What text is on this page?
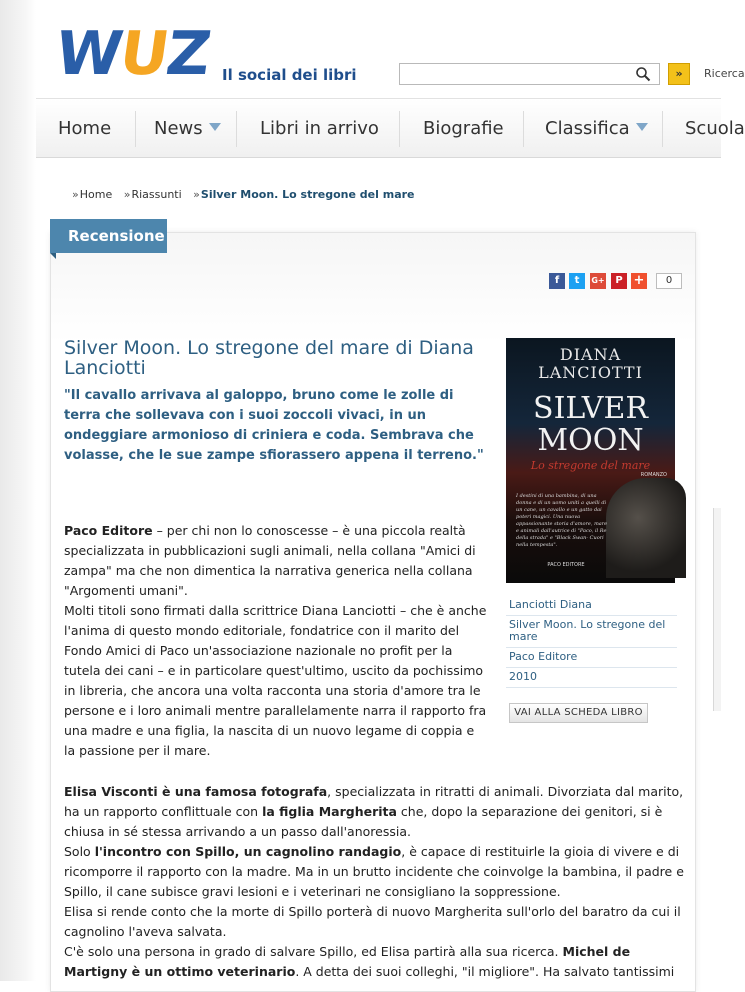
WUZ Il social dei libri	»	Ricerca
Home News	Libri in arrivo Biografie Classifica	Scuola
»Home »Riassunti »Silver Moon. Lo stregone del mare
Recensione
f	t	G+	P +	0
Silver Moon. Lo stregone del mare di Diana Lanciotti
"Il cavallo arrivava al galoppo, bruno come le zolle di terra che sollevava con i suoi zoccoli vivaci, in un ondeggiare armonioso di criniera e coda. Sembrava che volasse, che le sue zampe sfiorassero appena il terreno."
DIANA LANCIOTTI
SILVER
MOON
Lo stregone del mare
ROMANZO
I destini di una bambina, di una donna e di un uomo uniti a quelli di un cane, un cavallo e un gatto dai poteri magici. Una nuova appassionante storia d'amore, mare e animali dall'autrice di "Paco, il Re della strada" e "Black Swan- Cuori nella tempesta".
PACO EDITORE
Lanciotti Diana
Silver Moon. Lo stregone del mare
Paco Editore
2010
VAI ALLA SCHEDA LIBRO

Paco Editore – per chi non lo conoscesse – è una piccola realtà specializzata in pubblicazioni sugli animali, nella collana "Amici di zampa" ma che non dimentica la narrativa generica nella collana "Argomenti umani".

Molti titoli sono firmati dalla scrittrice Diana Lanciotti – che è anche l'anima di questo mondo editoriale, fondatrice con il marito del Fondo Amici di Paco un'associazione nazionale no profit per la tutela dei cani – e in particolare quest'ultimo, uscito da pochissimo in libreria, che ancora una volta racconta una storia d'amore tra le persone e i loro animali mentre parallelamente narra il rapporto fra una madre e una figlia, la nascita di un nuovo legame di coppia e la passione per il mare.

Elisa Visconti è una famosa fotografa, specializzata in ritratti di animali. Divorziata dal marito, ha un rapporto conflittuale con la figlia Margherita che, dopo la separazione dei genitori, si è chiusa in sé stessa arrivando a un passo dall'anoressia.

Solo l'incontro con Spillo, un cagnolino randagio, è capace di restituirle la gioia di vivere e di ricomporre il rapporto con la madre. Ma in un brutto incidente che coinvolge la bambina, il padre e Spillo, il cane subisce gravi lesioni e i veterinari ne consigliano la soppressione.

Elisa si rende conto che la morte di Spillo porterà di nuovo Margherita sull'orlo del baratro da cui il cagnolino l'aveva salvata.

C'è solo una persona in grado di salvare Spillo, ed Elisa partirà alla sua ricerca. Michel de Martigny è un ottimo veterinario. A detta dei suoi colleghi, "il migliore". Ha salvato tantissimi
